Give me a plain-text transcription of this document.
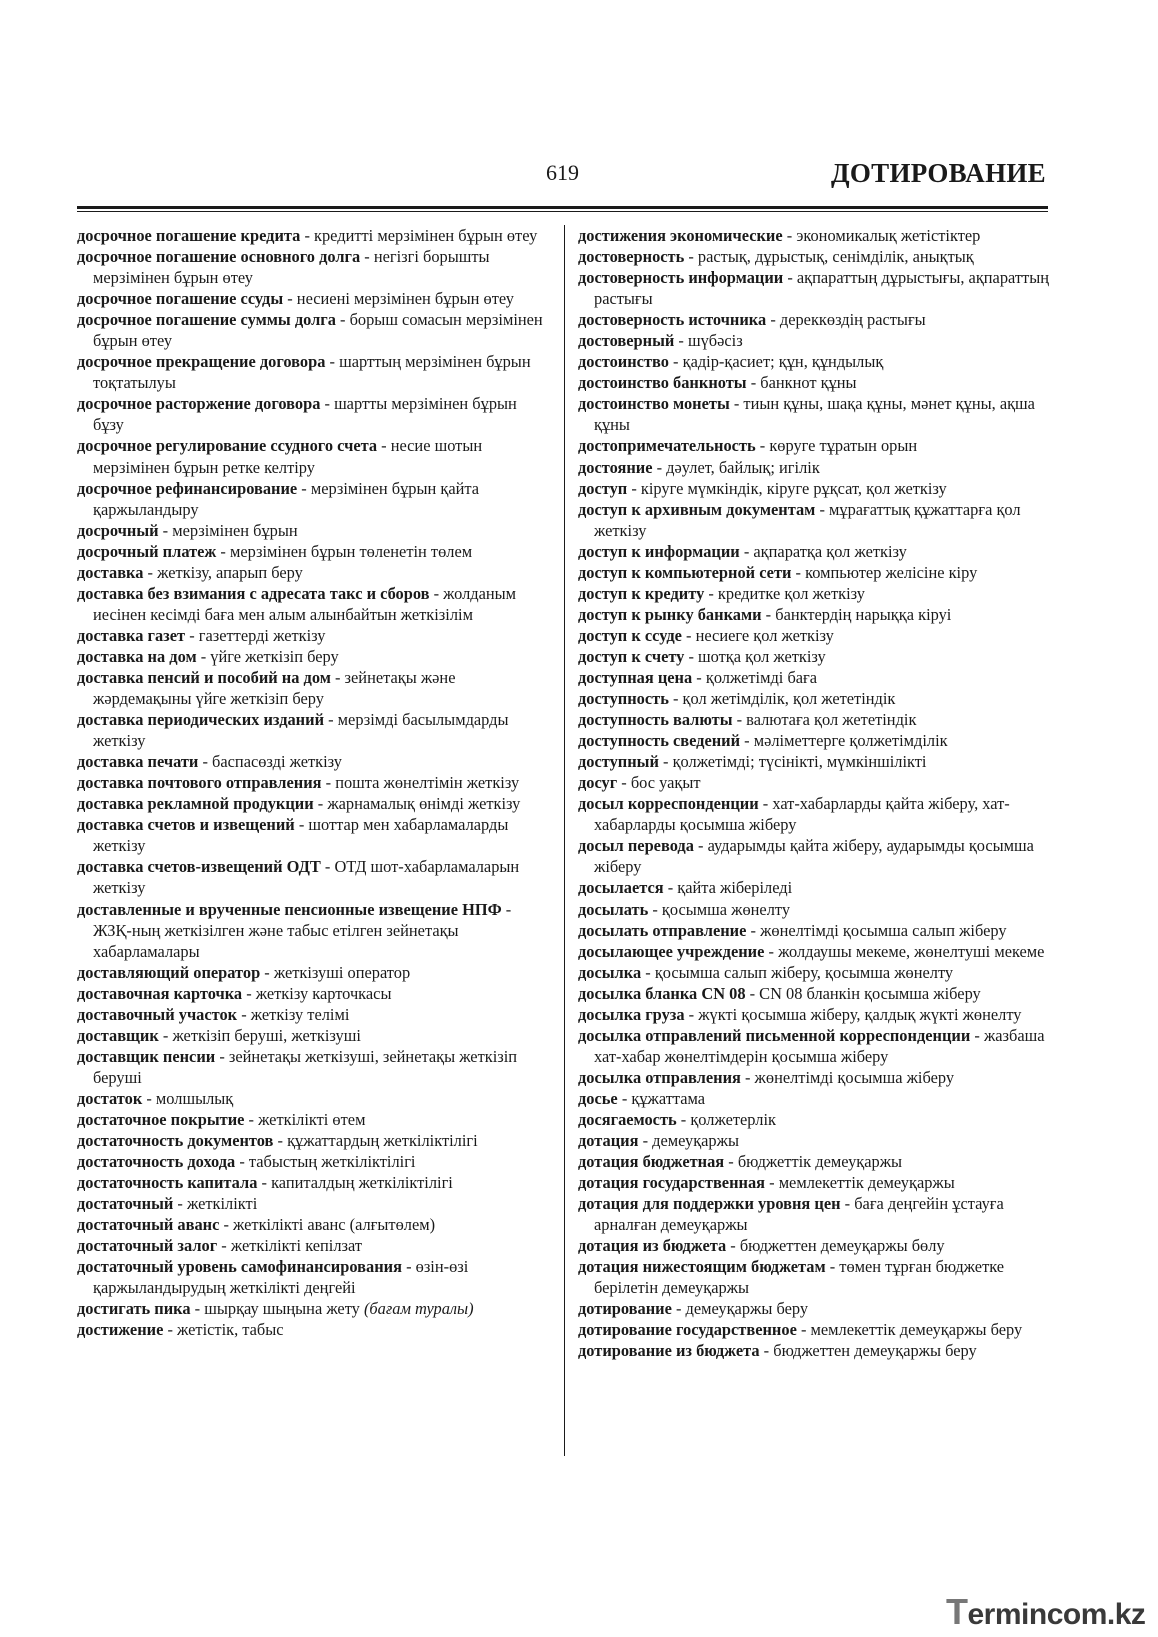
619	ДОТИРОВАНИЕ

досрочное погашение кредита - кредитті мерзімінен бұрын өтеу

досрочное погашение основного долга - негізгі борышты мерзімінен бұрын өтеу

досрочное погашение ссуды - несиені мерзімінен бұрын өтеу

досрочное погашение суммы долга - борыш сомасын мерзімінен бұрын өтеу

досрочное прекращение договора - шарттың мерзімінен бұрын тоқтатылуы

досрочное расторжение договора - шартты мерзімінен бұрын бұзу

досрочное регулирование ссудного счета - несие шотын мерзімінен бұрын ретке келтіру

досрочное рефинансирование - мерзімінен бұрын қайта қаржыландыру

досрочный - мерзімінен бұрын

досрочный платеж - мерзімінен бұрын төленетін төлем

доставка - жеткізу, апарып беру

доставка без взимания с адресата такс и сборов - жолданым иесінен кесімді баға мен алым алынбайтын жеткізілім

доставка газет - газеттерді жеткізу

доставка на дом - үйге жеткізіп беру

доставка пенсий и пособий на дом - зейнетақы және жәрдемақыны үйге жеткізіп беру

доставка периодических изданий - мерзімді басылымдарды жеткізу

доставка печати - баспасөзді жеткізу

доставка почтового отправления - пошта жөнелтімін жеткізу

доставка рекламной продукции - жарнамалық өнімді жеткізу

доставка счетов и извещений - шоттар мен хабарламаларды жеткізу

доставка счетов-извещений ОДТ - ОТД шот-хабарламаларын жеткізу

доставленные и врученные пенсионные извещение НПФ - ЖЗҚ-ның жеткізілген және табыс етілген зейнетақы хабарламалары

доставляющий оператор - жеткізуші оператор

доставочная карточка - жеткізу карточкасы

доставочный участок - жеткізу телімі

доставщик - жеткізіп беруші, жеткізуші

доставщик пенсии - зейнетақы жеткізуші, зейнетақы жеткізіп беруші

достаток - молшылық

достаточное покрытие - жеткілікті өтем

достаточность документов - құжаттардың жеткіліктілігі

достаточность дохода - табыстың жеткіліктілігі

достаточность капитала - капиталдың жеткіліктілігі

достаточный - жеткілікті

достаточный аванс - жеткілікті аванс (алғытөлем)

достаточный залог - жеткілікті кепілзат

достаточный уровень самофинансирования - өзін-өзі қаржыландырудың жеткілікті деңгейі

достигать пика - шырқау шыңына жету (бағам туралы)

достижение - жетістік, табыс

достижения экономические - экономикалық жетістіктер

достоверность - растық, дұрыстық, сенімділік, анықтық

достоверность информации - ақпараттың дұрыстығы, ақпараттың растығы

достоверность источника - дереккөздің растығы

достоверный - шүбәсіз

достоинство - қадір-қасиет; құн, құндылық

достоинство банкноты - банкнот құны

достоинство монеты - тиын құны, шақа құны, мәнет құны, ақша құны

достопримечательность - көруге тұратын орын

достояние - дәулет, байлық; игілік

доступ - кіруге мүмкіндік, кіруге рұқсат, қол жеткізу

доступ к архивным документам - мұрағаттық құжаттарға қол жеткізу

доступ к информации - ақпаратқа қол жеткізу

доступ к компьютерной сети - компьютер желісіне кіру

доступ к кредиту - кредитке қол жеткізу

доступ к рынку банками - банктердің нарыққа кіруі

доступ к ссуде - несиеге қол жеткізу

доступ к счету - шотқа қол жеткізу

доступная цена - қолжетімді баға

доступность - қол жетімділік, қол жететіндік

доступность валюты - валютаға қол жететіндік

доступность сведений - мәліметтерге қолжетімділік

доступный - қолжетімді; түсінікті, мүмкіншілікті

досуг - бос уақыт

досыл корреспонденции - хат-хабарларды қайта жіберу, хат-хабарларды қосымша жіберу

досыл перевода - аударымды қайта жіберу, аударымды қосымша жіберу

досылается - қайта жіберіледі

досылать - қосымша жөнелту

досылать отправление - жөнелтімді қосымша салып жіберу

досылающее учреждение - жолдаушы мекеме, жөнелтуші мекеме

досылка - қосымша салып жіберу, қосымша жөнелту

досылка бланка CN 08 - CN 08 бланкін қосымша жіберу

досылка груза - жүкті қосымша жіберу, қалдық жүкті жөнелту

досылка отправлений письменной корреспонденции - жазбаша хат-хабар жөнелтімдерін қосымша жіберу

досылка отправления - жөнелтімді қосымша жіберу

досье - құжаттама

досягаемость - қолжетерлік

дотация - демеуқаржы

дотация бюджетная - бюджеттік демеуқаржы

дотация государственная - мемлекеттік демеуқаржы

дотация для поддержки уровня цен - баға деңгейін ұстауға арналған демеуқаржы

дотация из бюджета - бюджеттен демеуқаржы бөлу

дотация нижестоящим бюджетам - төмен тұрған бюджетке берілетін демеуқаржы

дотирование - демеуқаржы беру

дотирование государственное - мемлекеттік демеуқаржы беру

дотирование из бюджета - бюджеттен демеуқаржы беру

Termincom.kz
